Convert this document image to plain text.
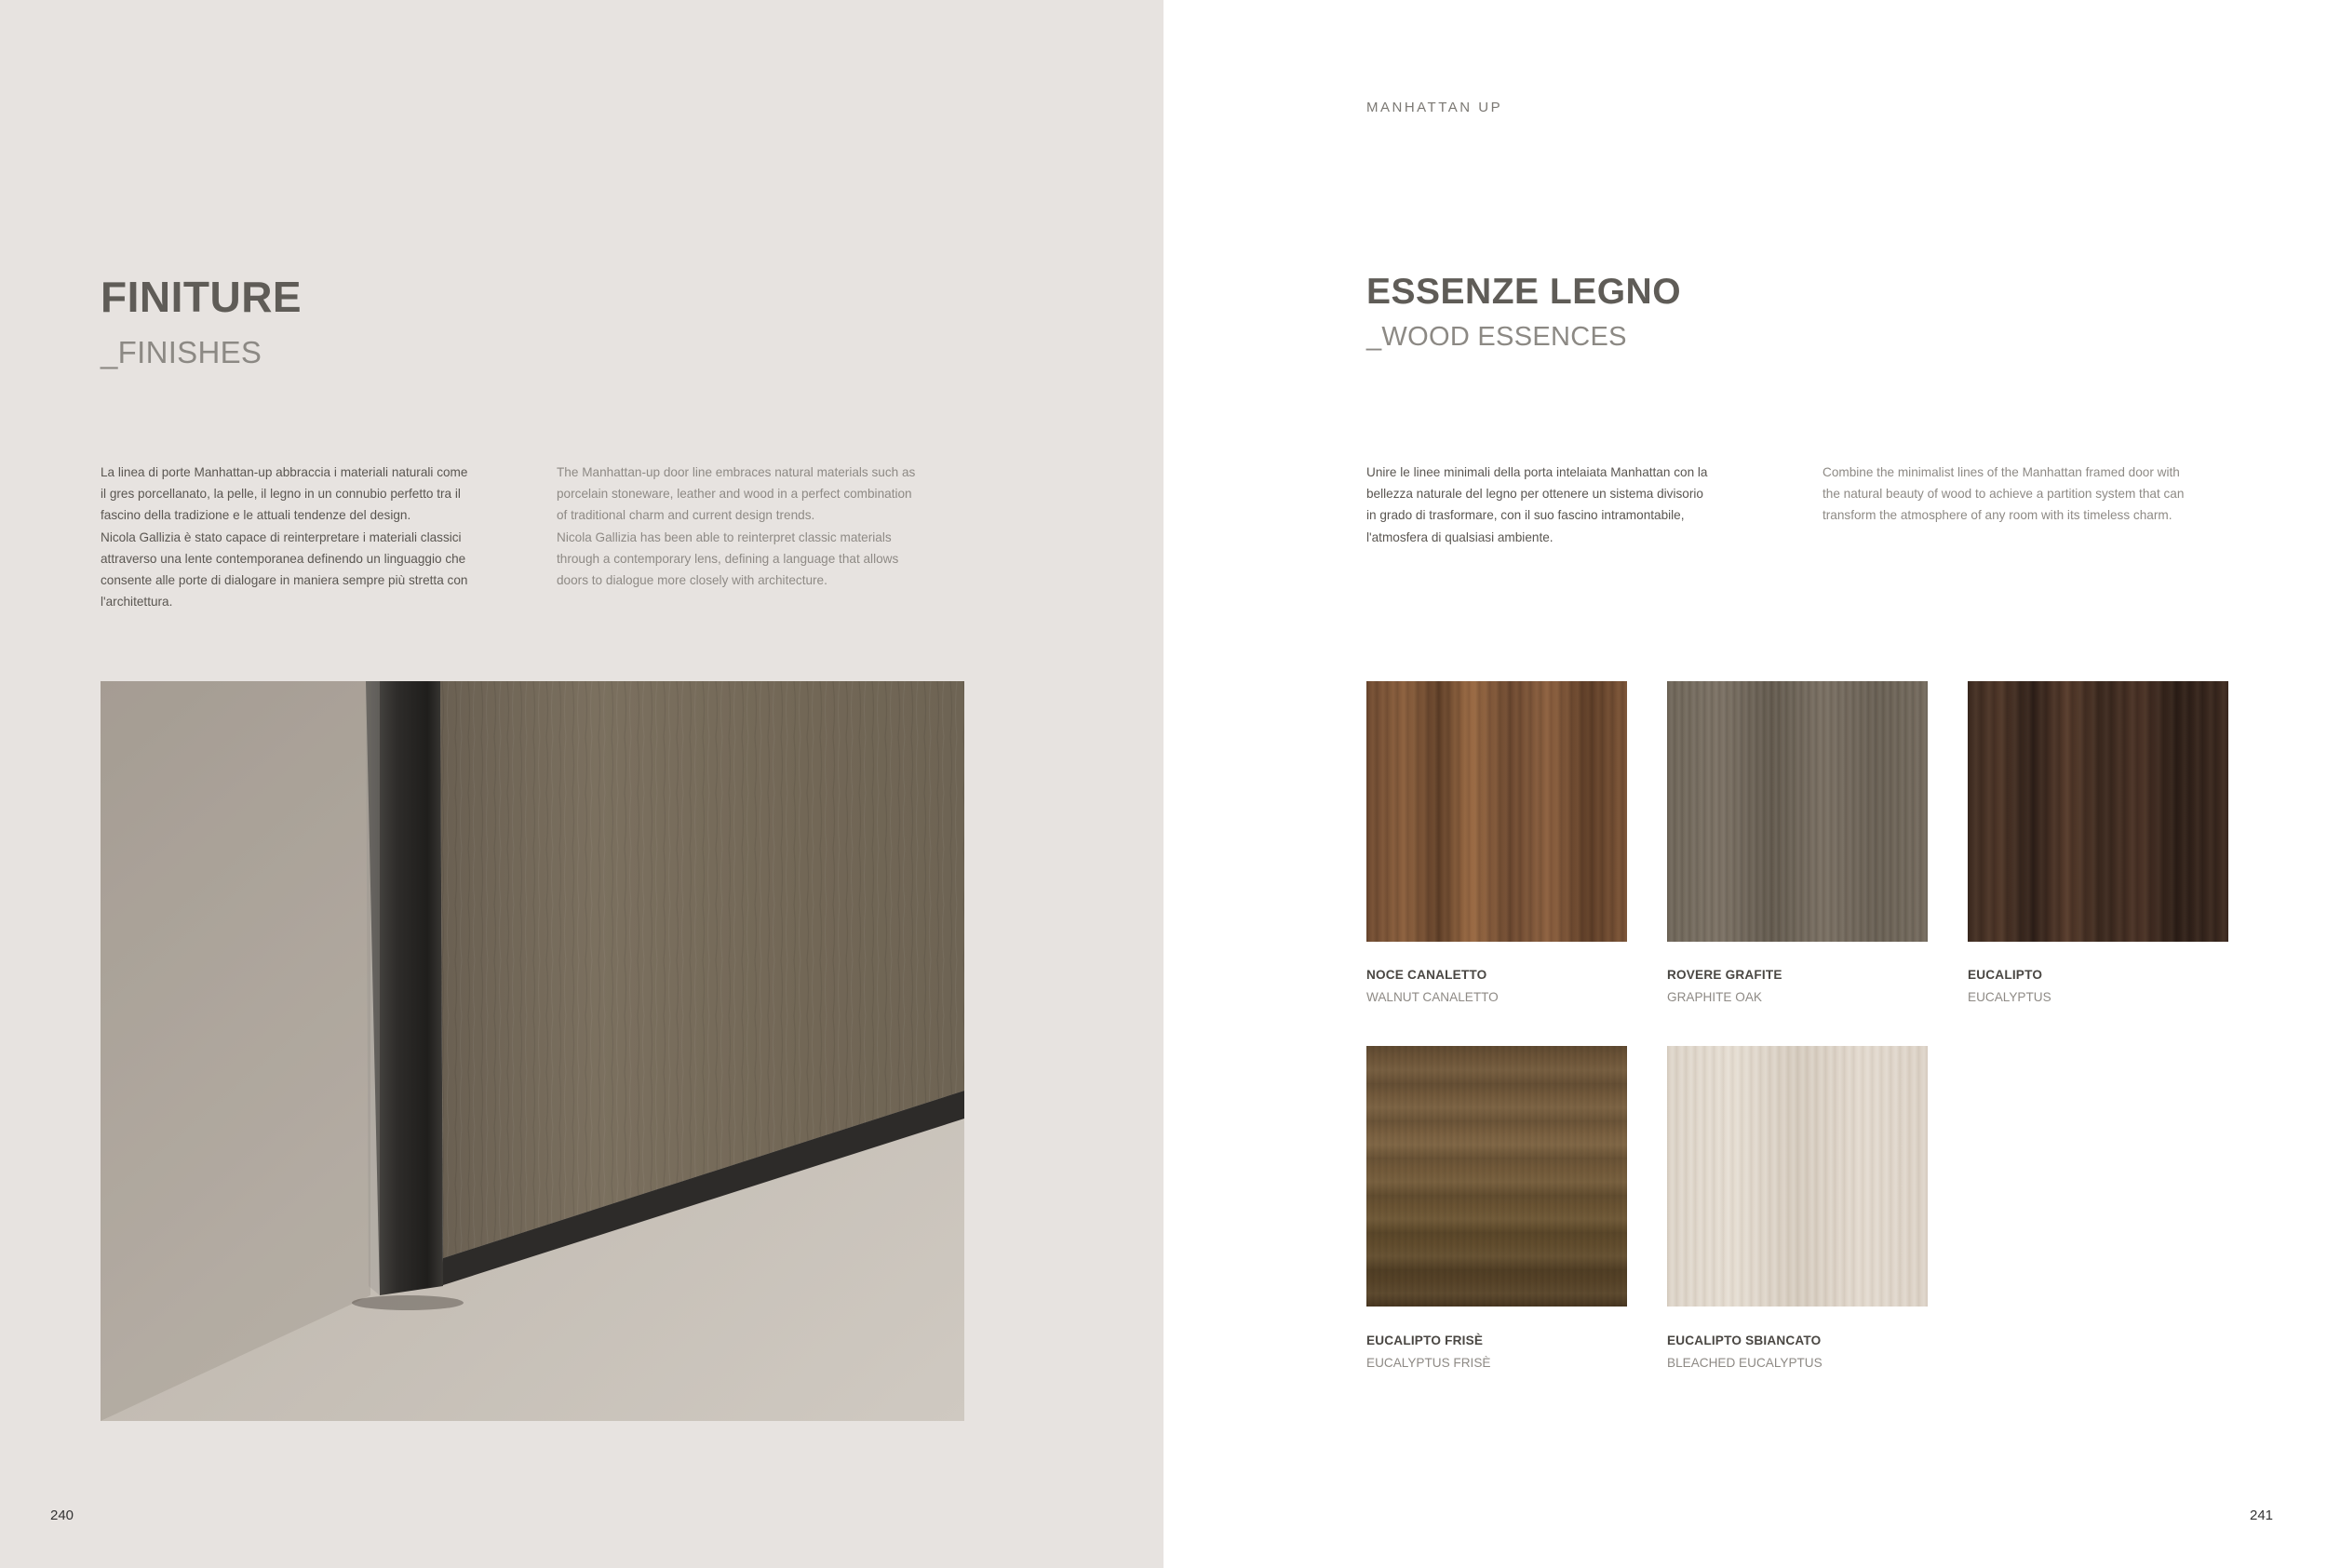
FINITURE
_FINISHES
La linea di porte Manhattan-up abbraccia i materiali naturali come
il gres porcellanato, la pelle, il legno in un connubio perfetto tra il
fascino della tradizione e le attuali tendenze del design.
Nicola Gallizia è stato capace di reinterpretare i materiali classici
attraverso una lente contemporanea definendo un linguaggio che
consente alle porte di dialogare in maniera sempre più stretta con
l'architettura.
The Manhattan-up door line embraces natural materials such as
porcelain stoneware, leather and wood in a perfect combination
of traditional charm and current design trends.
Nicola Gallizia has been able to reinterpret classic materials
through a contemporary lens, defining a language that allows
doors to dialogue more closely with architecture.
240
MANHATTAN UP
ESSENZE LEGNO
_WOOD ESSENCES
Unire le linee minimali della porta intelaiata Manhattan con la
bellezza naturale del legno per ottenere un sistema divisorio
in grado di trasformare, con il suo fascino intramontabile,
l'atmosfera di qualsiasi ambiente.
Combine the minimalist lines of the Manhattan framed door with
the natural beauty of wood to achieve a partition system that can
transform the atmosphere of any room with its timeless charm.
NOCE CANALETTO
WALNUT CANALETTO
ROVERE GRAFITE
GRAPHITE OAK
EUCALIPTO
EUCALYPTUS
EUCALIPTO FRISÈ
EUCALYPTUS FRISÈ
EUCALIPTO SBIANCATO
BLEACHED EUCALYPTUS
241
